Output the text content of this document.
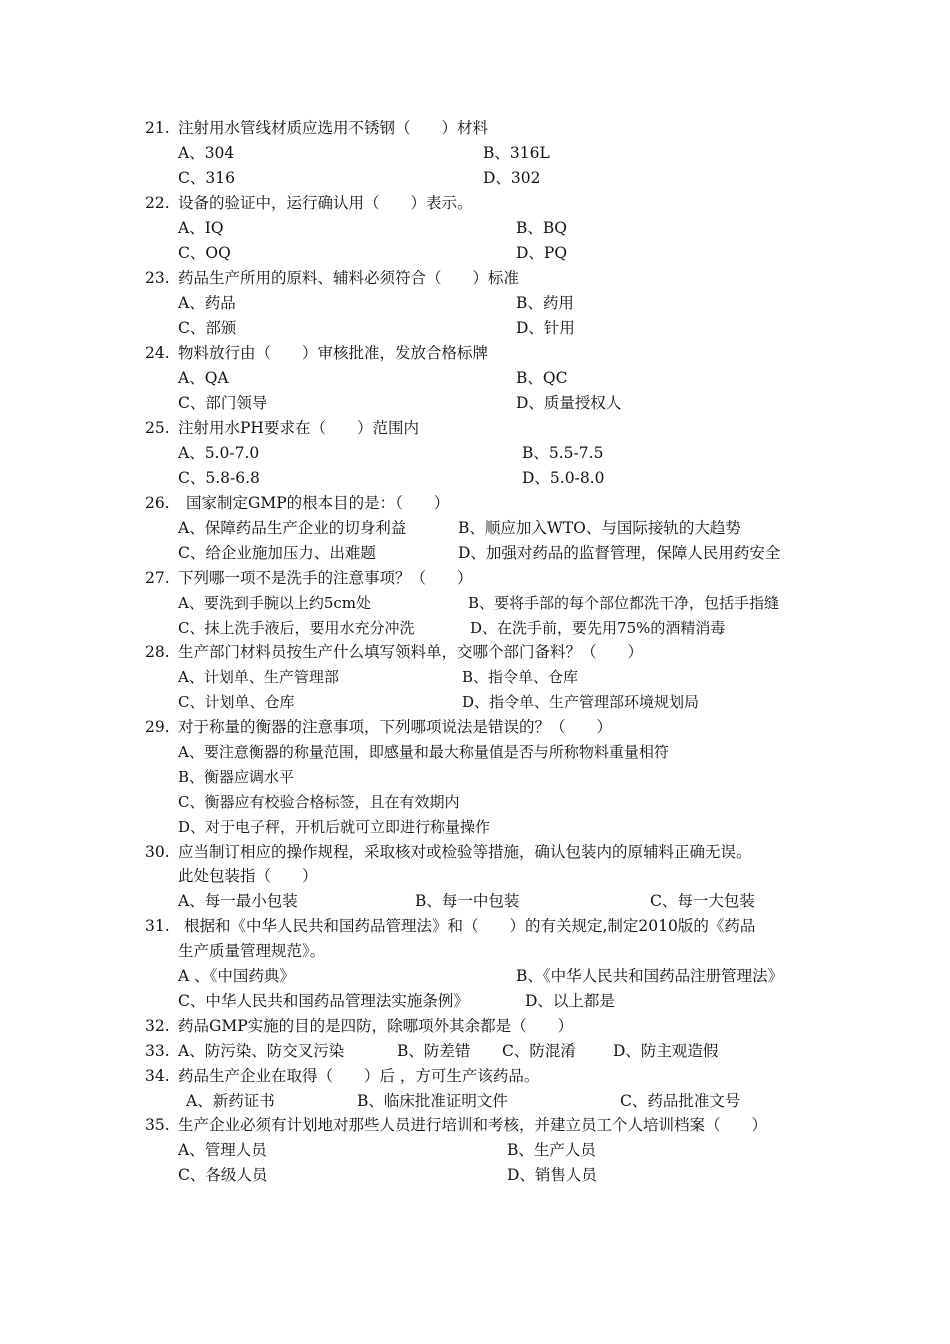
21. 注射用水管线材质应选用不锈钢（　　）材料
A、304	B、316L
C、316	D、302
22. 设备的验证中，运行确认用（　　）表示。
A、IQ	B、BQ
C、OQ	D、PQ
23. 药品生产所用的原料、辅料必须符合（　　）标准
A、药品	B、药用
C、部颁	D、针用
24. 物料放行由（　　）审核批准，发放合格标牌
A、QA	B、QC
C、部门领导	D、质量授权人
25. 注射用水PH要求在（　　）范围内
A、5.0-7.0	B、5.5-7.5
C、5.8-6.8	D、5.0-8.0
26. 国家制定GMP的根本目的是：（　　）
A、保障药品生产企业的切身利益	B、顺应加入WTO、与国际接轨的大趋势
C、给企业施加压力、出难题	D、加强对药品的监督管理，保障人民用药安全
27. 下列哪一项不是洗手的注意事项？（　　）
A、要洗到手腕以上约5cm处	B、要将手部的每个部位都洗干净，包括手指缝
C、抹上洗手液后，要用水充分冲洗	D、在洗手前，要先用75%的酒精消毒
28. 生产部门材料员按生产什么填写领料单，交哪个部门备料？（　　）
A、计划单、生产管理部	B、指令单、仓库
C、计划单、仓库	D、指令单、生产管理部环境规划局
29. 对于称量的衡器的注意事项，下列哪项说法是错误的？（　　）
A、要注意衡器的称量范围，即感量和最大称量值是否与所称物料重量相符
B、衡器应调水平
C、衡器应有校验合格标签，且在有效期内
D、对于电子秤，开机后就可立即进行称量操作
30. 应当制订相应的操作规程，采取核对或检验等措施，确认包装内的原辅料正确无误。
此处包装指（　　）
A、每一最小包装	B、每一中包装	C、每一大包装
31. 根据和《中华人民共和国药品管理法》和（　　）的有关规定,制定2010版的《药品
生产质量管理规范》。
A 、《中国药典》	B、《中华人民共和国药品注册管理法》
C、中华人民共和国药品管理法实施条例》	D、以上都是
32. 药品GMP实施的目的是四防，除哪项外其余都是（　　）
33. A、防污染、防交叉污染	B、防差错 C、防混淆 D、防主观造假
34. 药品生产企业在取得（　　）后 ，方可生产该药品。
A、新药证书	B、临床批准证明文件	C、药品批准文号
35. 生产企业必须有计划地对那些人员进行培训和考核，并建立员工个人培训档案（　　）
A、管理人员	B、生产人员
C、各级人员	D、销售人员
